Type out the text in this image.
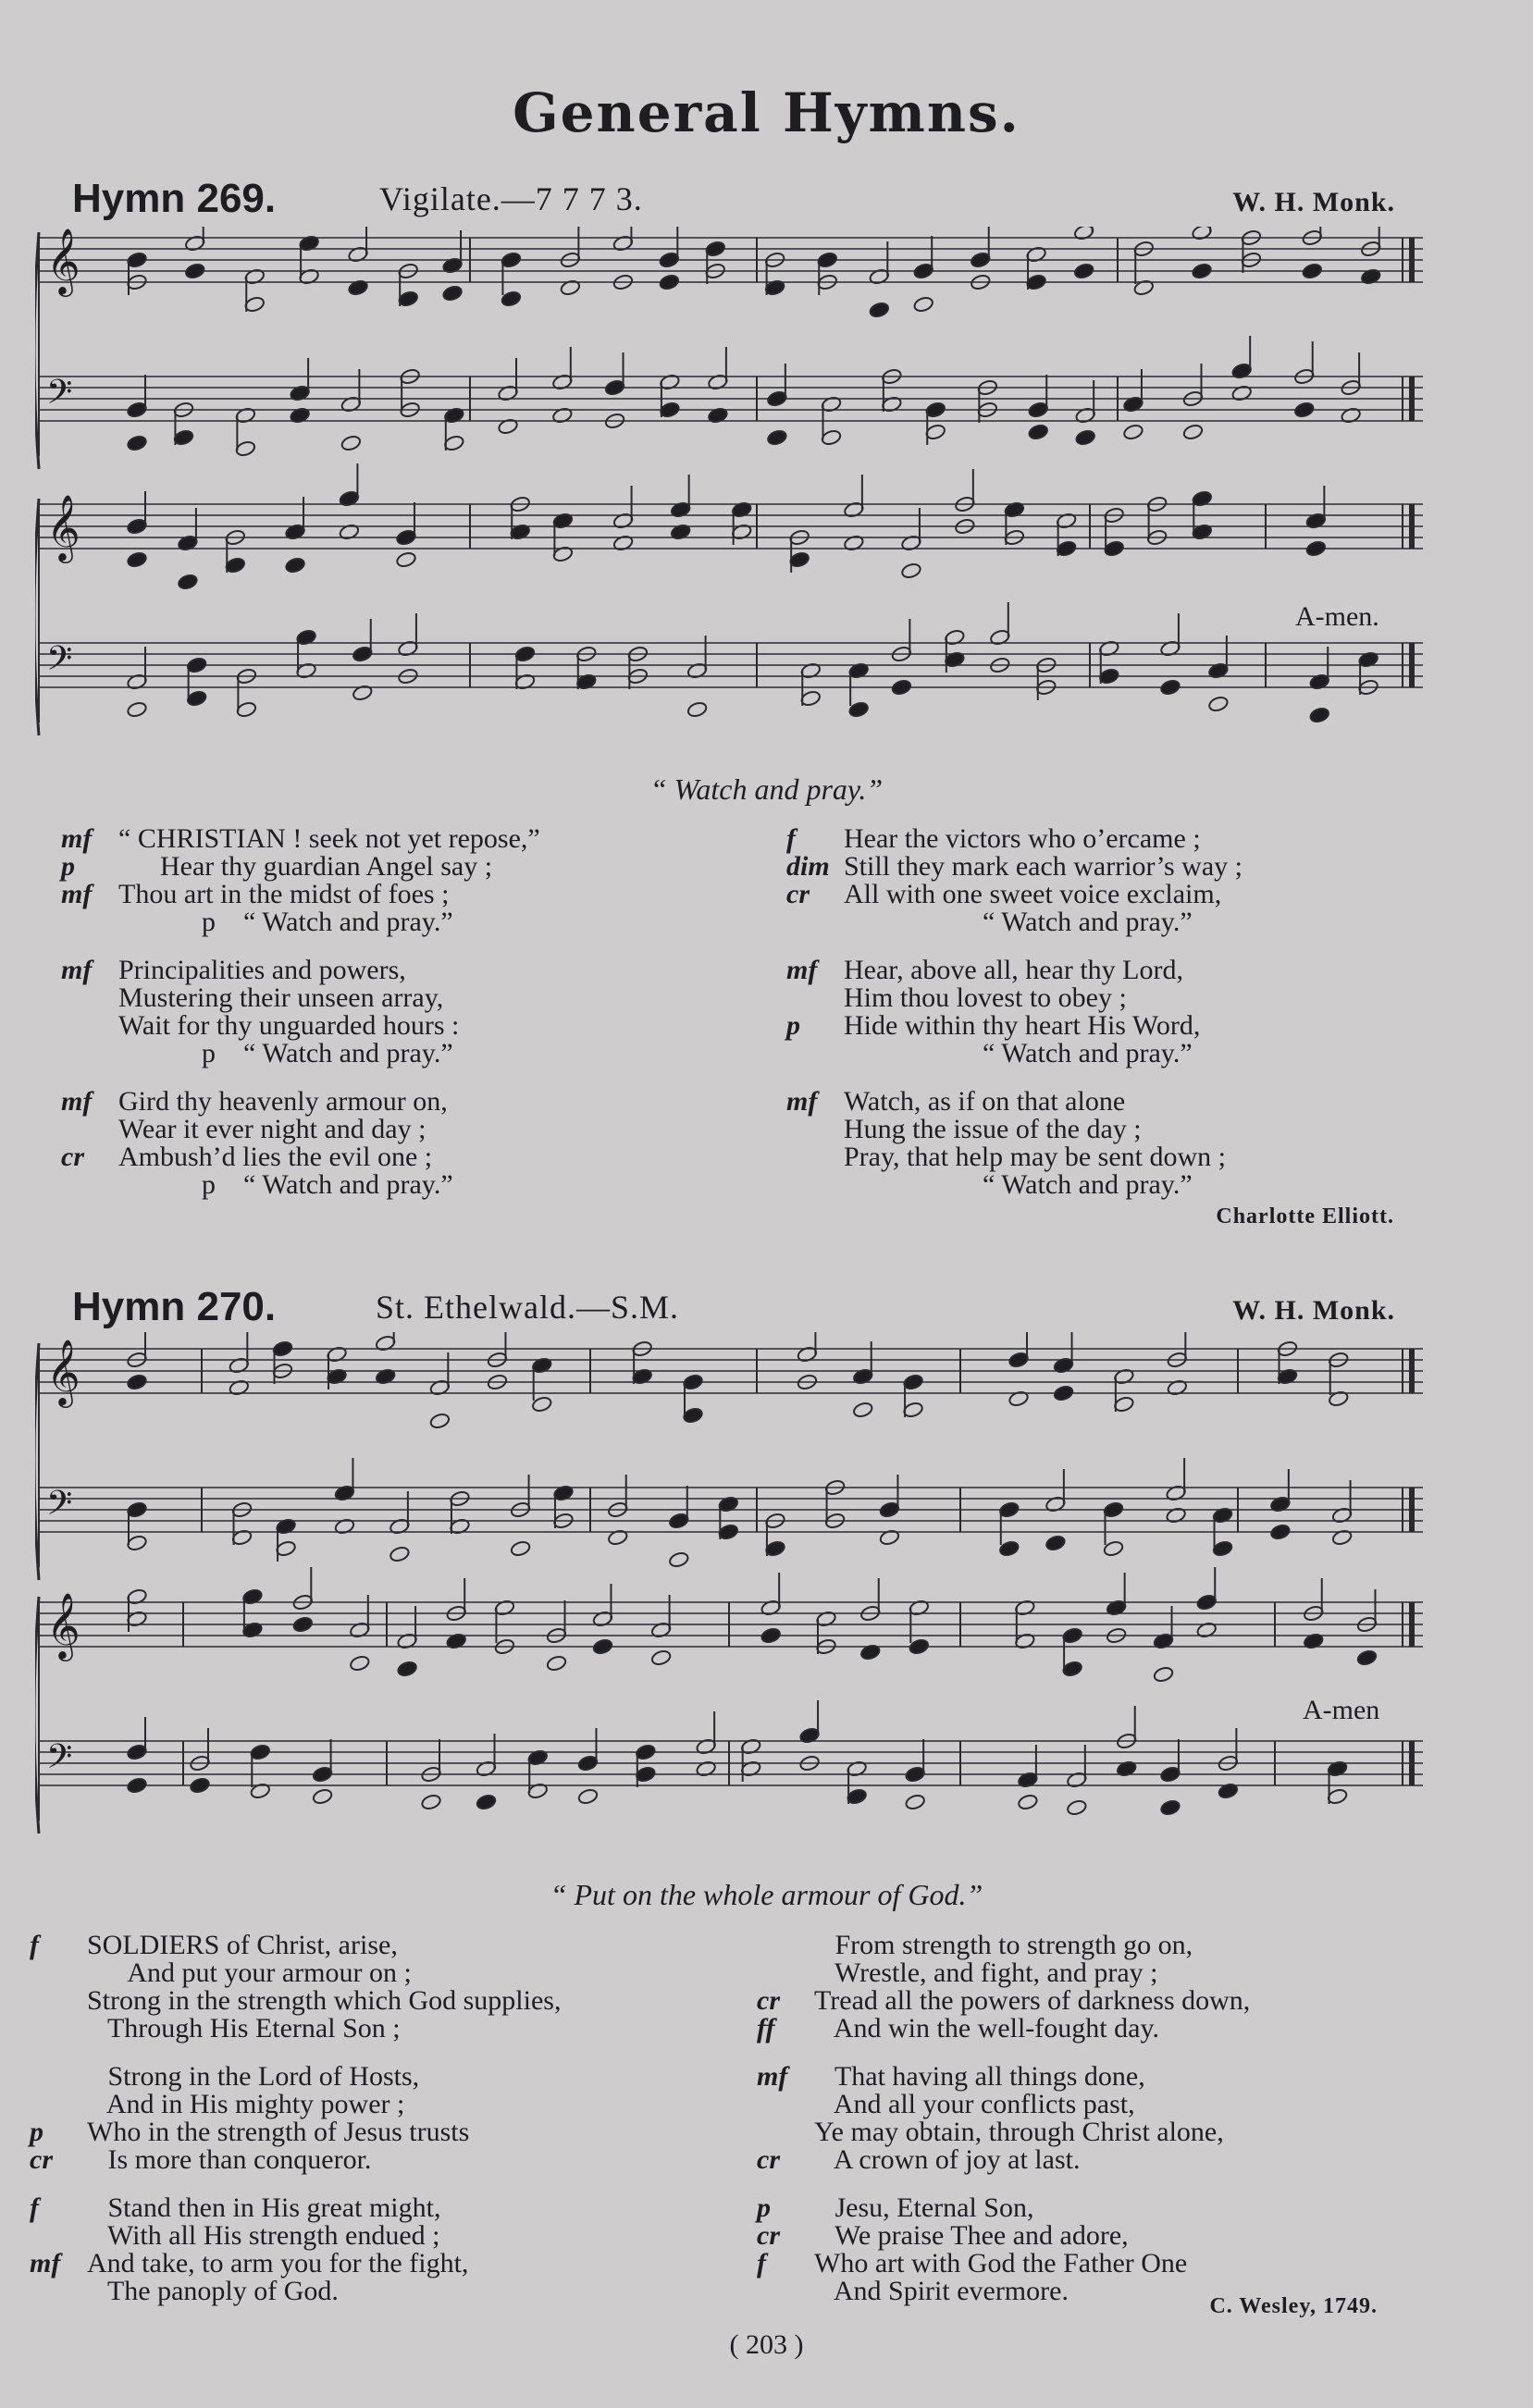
General Hymns.
Hymn 269.	Vigilate.—7 7 7 3.	W. H. Monk.
𝄞
𝄢
𝄞
𝄢
A-men.
“ Watch and pray.”
mf “ CHRISTIAN ! seek not yet repose,”
p      Hear thy guardian Angel say ;
mf Thou art in the midst of foes ;
p    “ Watch and pray.”
mf Principalities and powers,
Mustering their unseen array,
Wait for thy unguarded hours :
p    “ Watch and pray.”
mf Gird thy heavenly armour on,
Wear it ever night and day ;
cr Ambush’d lies the evil one ;
p    “ Watch and pray.”
f Hear the victors who o’ercame ;
dim Still they mark each warrior’s way ;
cr All with one sweet voice exclaim,
“ Watch and pray.”
mf Hear, above all, hear thy Lord,
Him thou lovest to obey ;
p Hide within thy heart His Word,
“ Watch and pray.”
mf Watch, as if on that alone
Hung the issue of the day ;
Pray, that help may be sent down ;
“ Watch and pray.”
Charlotte Elliott.
Hymn 270.	St. Ethelwald.—S.M.	W. H. Monk.
𝄞
𝄢
𝄞
𝄢
A-men
“ Put on the whole armour of God.”
f SOLDIERS of Christ, arise,
And put your armour on ;
Strong in the strength which God supplies,
Through His Eternal Son ;
Strong in the Lord of Hosts,
And in His mighty power ;
p Who in the strength of Jesus trusts
cr   Is more than conqueror.
f   Stand then in His great might,
With all His strength endued ;
mf And take, to arm you for the fight,
The panoply of God.
From strength to strength go on,
Wrestle, and fight, and pray ;
cr Tread all the powers of darkness down,
ff   And win the well-fought day.
mf   That having all things done,
And all your conflicts past,
Ye may obtain, through Christ alone,
cr   A crown of joy at last.
p   Jesu, Eternal Son,
cr   We praise Thee and adore,
f Who art with God the Father One
And Spirit evermore.	C. Wesley, 1749.
( 203 )
